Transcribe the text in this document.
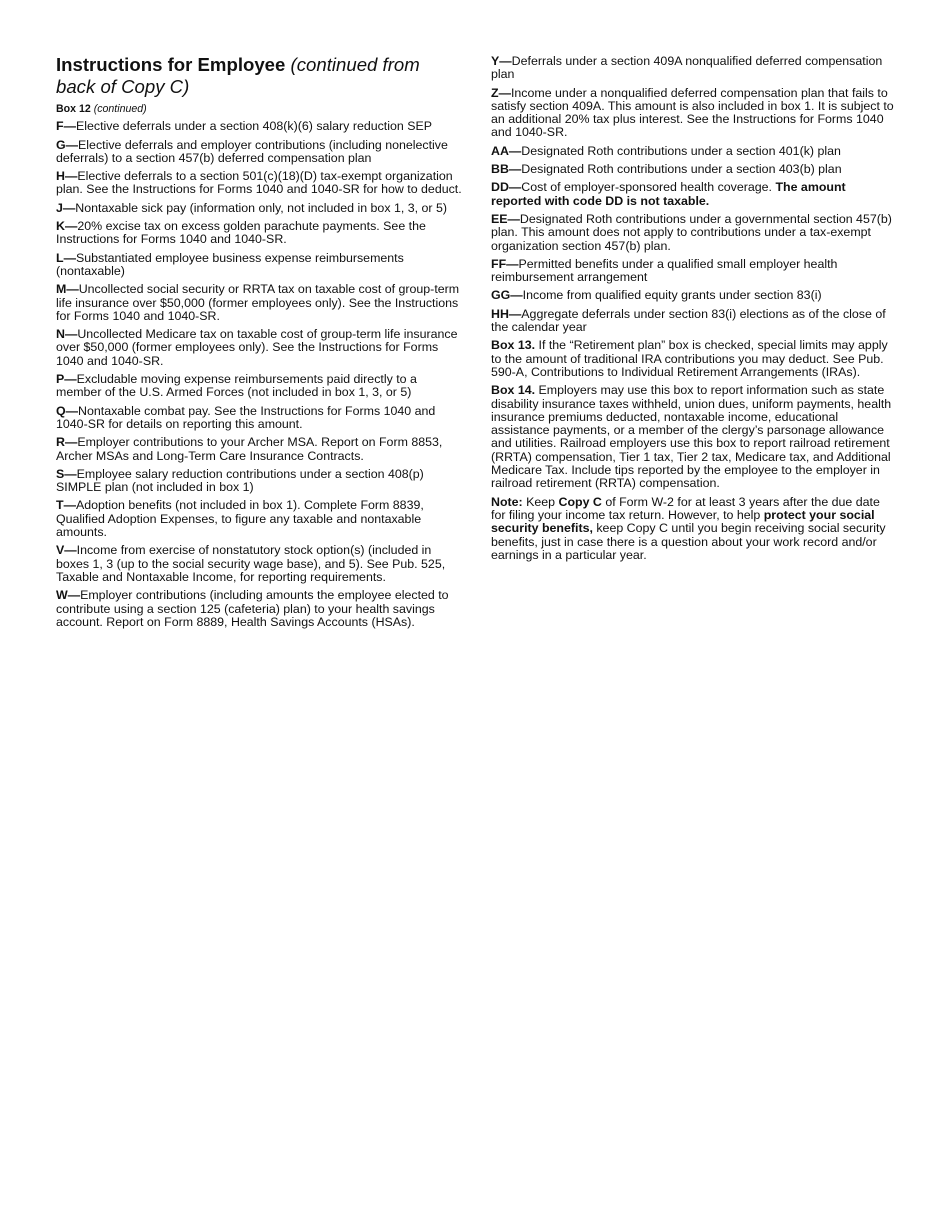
Instructions for Employee (continued from back of Copy C)
Box 12 (continued)
F—Elective deferrals under a section 408(k)(6) salary reduction SEP
G—Elective deferrals and employer contributions (including nonelective deferrals) to a section 457(b) deferred compensation plan
H—Elective deferrals to a section 501(c)(18)(D) tax-exempt organization plan. See the Instructions for Forms 1040 and 1040-SR for how to deduct.
J—Nontaxable sick pay (information only, not included in box 1, 3, or 5)
K—20% excise tax on excess golden parachute payments. See the Instructions for Forms 1040 and 1040-SR.
L—Substantiated employee business expense reimbursements (nontaxable)
M—Uncollected social security or RRTA tax on taxable cost of group-term life insurance over $50,000 (former employees only). See the Instructions for Forms 1040 and 1040-SR.
N—Uncollected Medicare tax on taxable cost of group-term life insurance over $50,000 (former employees only). See the Instructions for Forms 1040 and 1040-SR.
P—Excludable moving expense reimbursements paid directly to a member of the U.S. Armed Forces (not included in box 1, 3, or 5)
Q—Nontaxable combat pay. See the Instructions for Forms 1040 and 1040-SR for details on reporting this amount.
R—Employer contributions to your Archer MSA. Report on Form 8853, Archer MSAs and Long-Term Care Insurance Contracts.
S—Employee salary reduction contributions under a section 408(p) SIMPLE plan (not included in box 1)
T—Adoption benefits (not included in box 1). Complete Form 8839, Qualified Adoption Expenses, to figure any taxable and nontaxable amounts.
V—Income from exercise of nonstatutory stock option(s) (included in boxes 1, 3 (up to the social security wage base), and 5). See Pub. 525, Taxable and Nontaxable Income, for reporting requirements.
W—Employer contributions (including amounts the employee elected to contribute using a section 125 (cafeteria) plan) to your health savings account. Report on Form 8889, Health Savings Accounts (HSAs).
Y—Deferrals under a section 409A nonqualified deferred compensation plan
Z—Income under a nonqualified deferred compensation plan that fails to satisfy section 409A. This amount is also included in box 1. It is subject to an additional 20% tax plus interest. See the Instructions for Forms 1040 and 1040-SR.
AA—Designated Roth contributions under a section 401(k) plan
BB—Designated Roth contributions under a section 403(b) plan
DD—Cost of employer-sponsored health coverage. The amount reported with code DD is not taxable.
EE—Designated Roth contributions under a governmental section 457(b) plan. This amount does not apply to contributions under a tax-exempt organization section 457(b) plan.
FF—Permitted benefits under a qualified small employer health reimbursement arrangement
GG—Income from qualified equity grants under section 83(i)
HH—Aggregate deferrals under section 83(i) elections as of the close of the calendar year
Box 13. If the “Retirement plan” box is checked, special limits may apply to the amount of traditional IRA contributions you may deduct. See Pub. 590-A, Contributions to Individual Retirement Arrangements (IRAs).
Box 14. Employers may use this box to report information such as state disability insurance taxes withheld, union dues, uniform payments, health insurance premiums deducted, nontaxable income, educational assistance payments, or a member of the clergy’s parsonage allowance and utilities. Railroad employers use this box to report railroad retirement (RRTA) compensation, Tier 1 tax, Tier 2 tax, Medicare tax, and Additional Medicare Tax. Include tips reported by the employee to the employer in railroad retirement (RRTA) compensation.
Note: Keep Copy C of Form W-2 for at least 3 years after the due date for filing your income tax return. However, to help protect your social security benefits, keep Copy C until you begin receiving social security benefits, just in case there is a question about your work record and/or earnings in a particular year.
